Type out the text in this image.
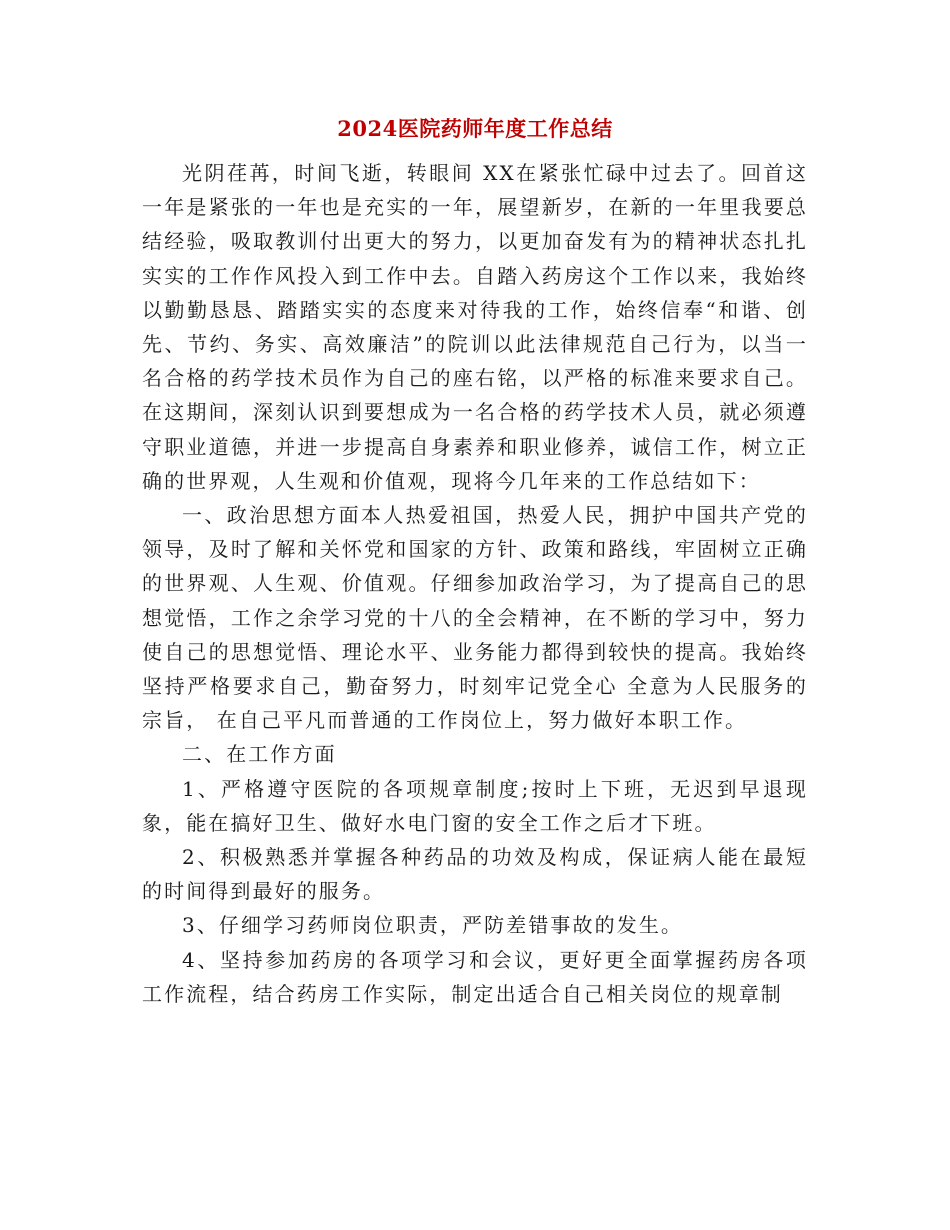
2024医院药师年度工作总结

光阴荏苒，时间飞逝，转眼间 XX在紧张忙碌中过去了。回首这一年是紧张的一年也是充实的一年，展望新岁，在新的一年里我要总结经验，吸取教训付出更大的努力，以更加奋发有为的精神状态扎扎实实的工作作风投入到工作中去。自踏入药房这个工作以来，我始终以勤勤恳恳、踏踏实实的态度来对待我的工作，始终信奉“和谐、创先、节约、务实、高效廉洁”的院训以此法律规范自己行为，以当一名合格的药学技术员作为自己的座右铭，以严格的标准来要求自己。在这期间，深刻认识到要想成为一名合格的药学技术人员，就必须遵守职业道德，并进一步提高自身素养和职业修养，诚信工作，树立正确的世界观，人生观和价值观，现将今几年来的工作总结如下：

一、政治思想方面本人热爱祖国，热爱人民，拥护中国共产党的领导，及时了解和关怀党和国家的方针、政策和路线，牢固树立正确的世界观、人生观、价值观。仔细参加政治学习，为了提高自己的思想觉悟，工作之余学习党的十八的全会精神，在不断的学习中，努力使自己的思想觉悟、理论水平、业务能力都得到较快的提高。我始终坚持严格要求自己，勤奋努力，时刻牢记党全心 全意为人民服务的宗旨， 在自己平凡而普通的工作岗位上，努力做好本职工作。

二、在工作方面

1、严格遵守医院的各项规章制度;按时上下班，无迟到早退现象，能在搞好卫生、做好水电门窗的安全工作之后才下班。

2、积极熟悉并掌握各种药品的功效及构成，保证病人能在最短的时间得到最好的服务。

3、仔细学习药师岗位职责，严防差错事故的发生。

4、坚持参加药房的各项学习和会议，更好更全面掌握药房各项工作流程，结合药房工作实际，制定出适合自己相关岗位的规章制
